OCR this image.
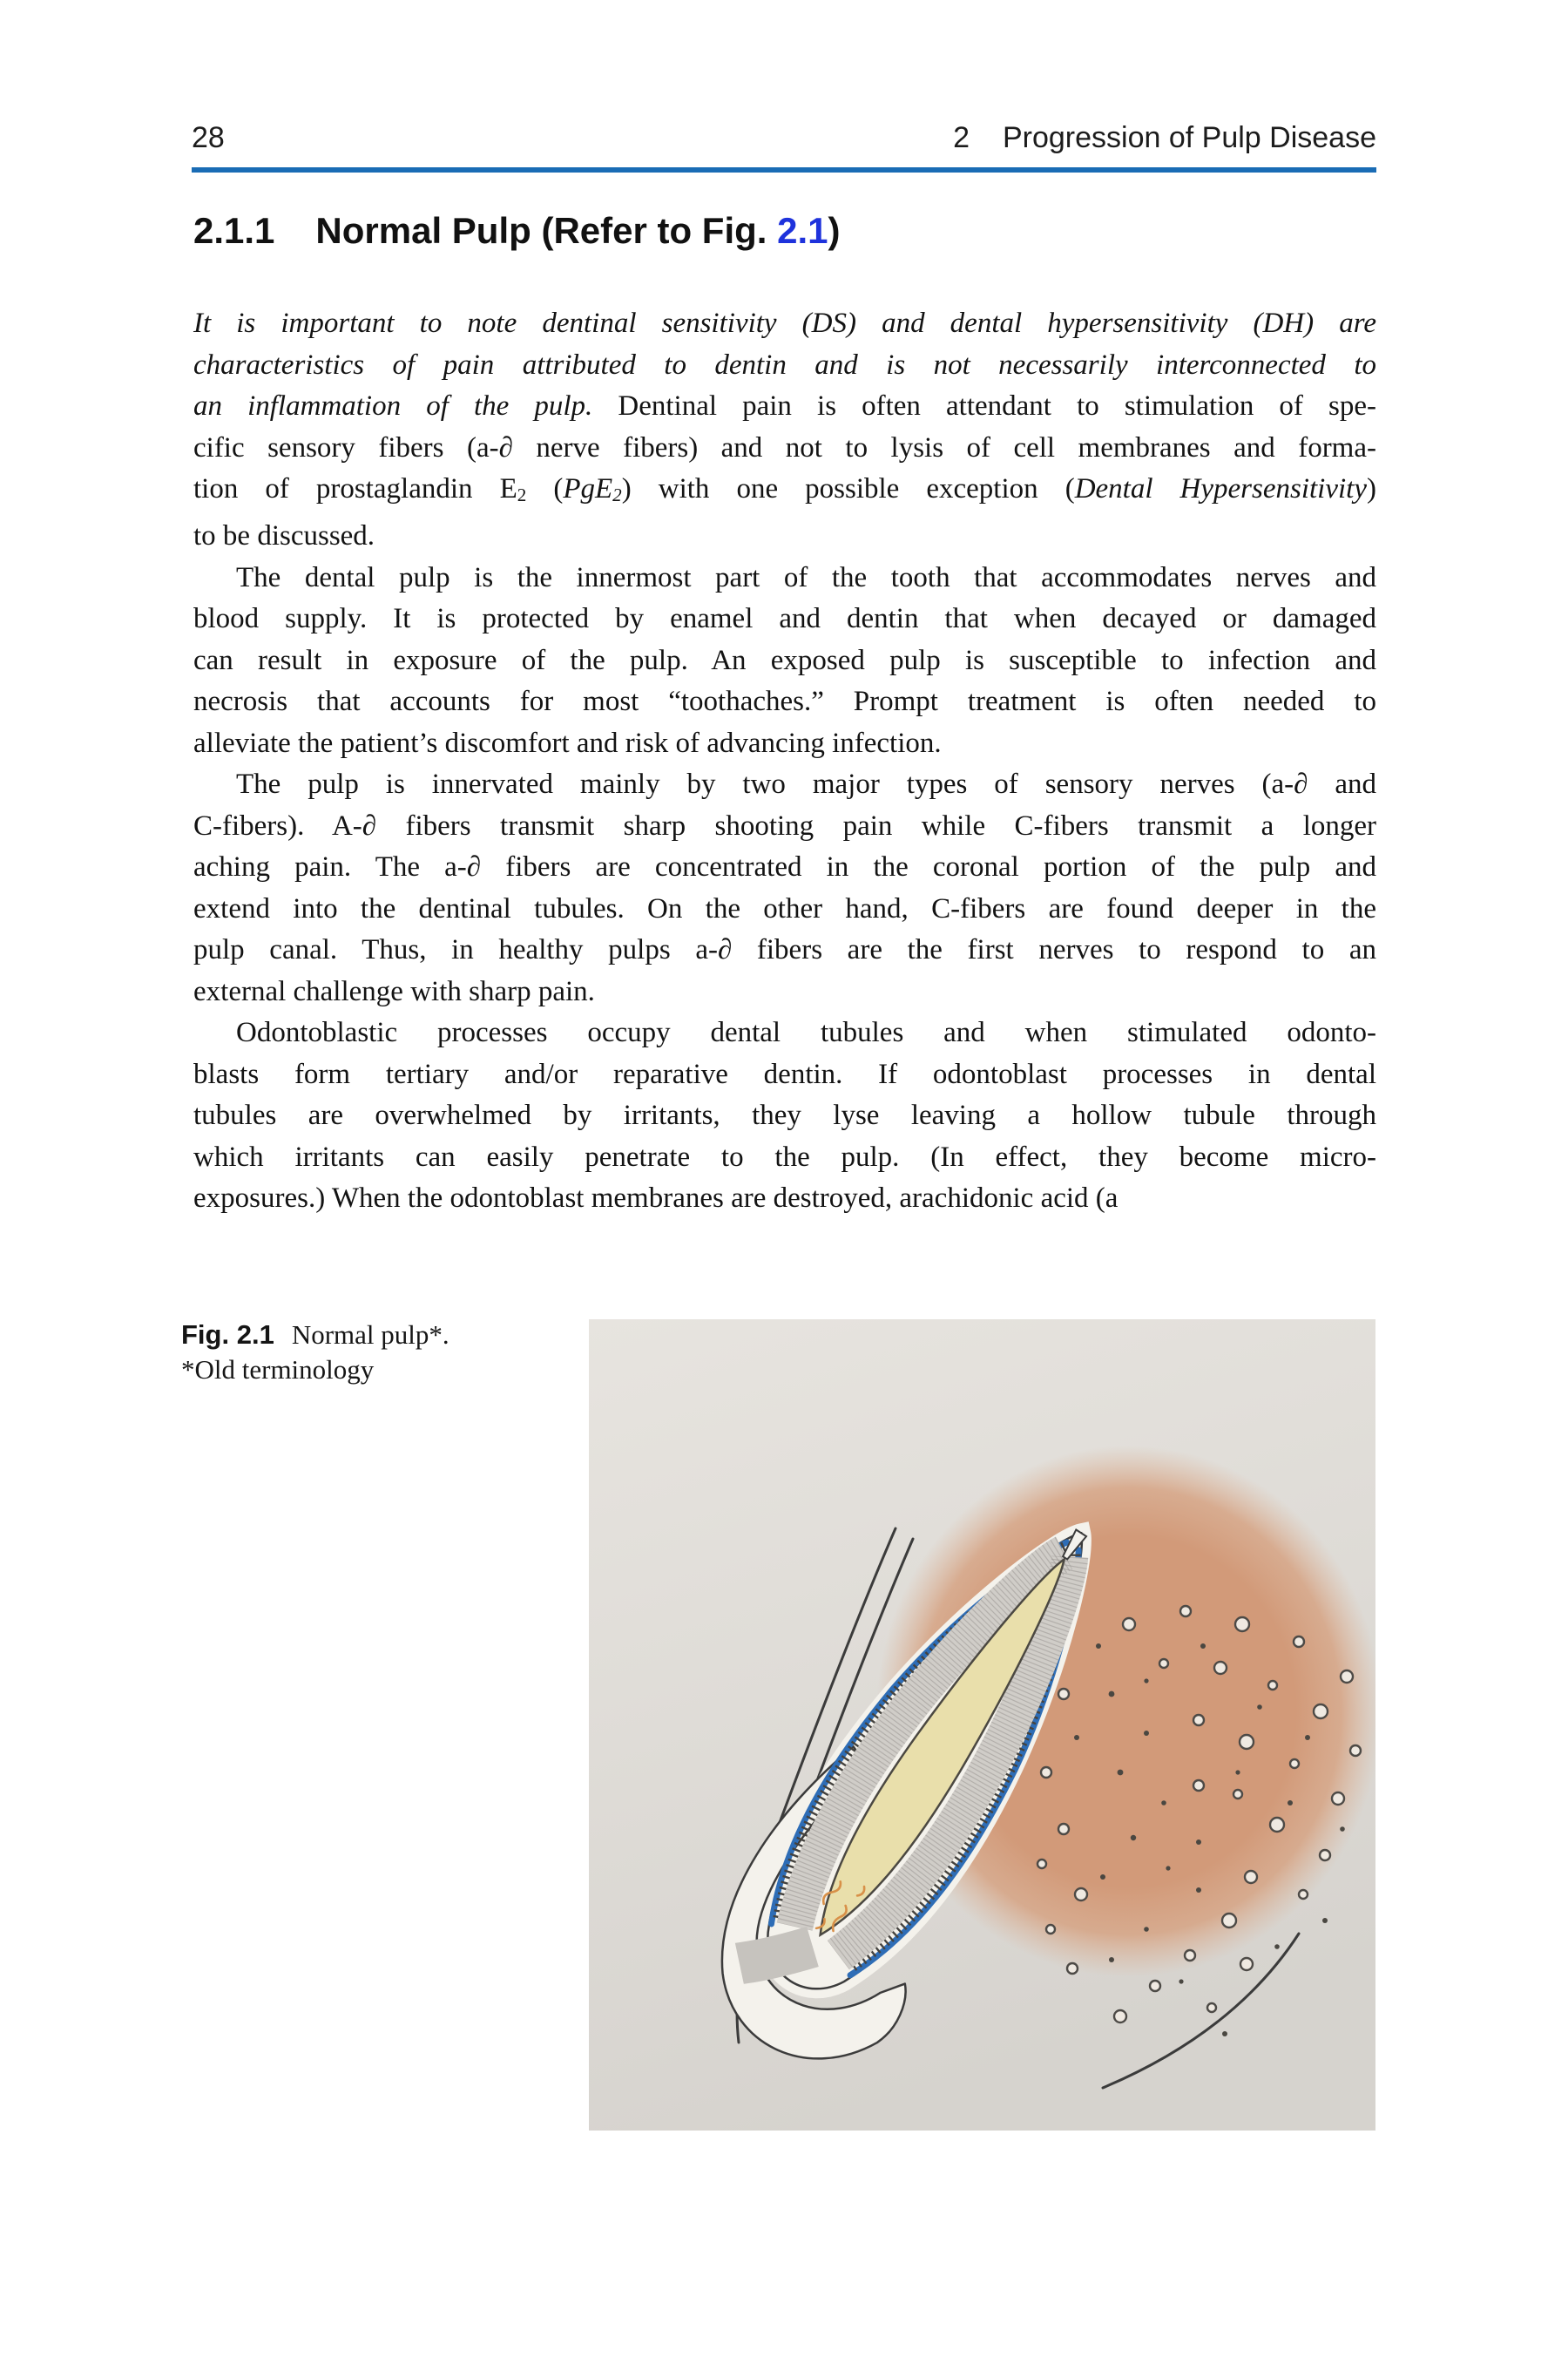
28	2 Progression of Pulp Disease
2.1.1 Normal Pulp (Refer to Fig. 2.1)
It is important to note dentinal sensitivity (DS) and dental hypersensitivity (DH) are
characteristics of pain attributed to dentin and is not necessarily interconnected to
an inflammation of the pulp. Dentinal pain is often attendant to stimulation of spe-
cific sensory fibers (a-∂ nerve fibers) and not to lysis of cell membranes and forma-
tion of prostaglandin E2 (PgE2) with one possible exception (Dental Hypersensitivity)
to be discussed.
The dental pulp is the innermost part of the tooth that accommodates nerves and
blood supply. It is protected by enamel and dentin that when decayed or damaged
can result in exposure of the pulp. An exposed pulp is susceptible to infection and
necrosis that accounts for most “toothaches.” Prompt treatment is often needed to
alleviate the patient’s discomfort and risk of advancing infection.
The pulp is innervated mainly by two major types of sensory nerves (a-∂ and
C-fibers). A-∂ fibers transmit sharp shooting pain while C-fibers transmit a longer
aching pain. The a-∂ fibers are concentrated in the coronal portion of the pulp and
extend into the dentinal tubules. On the other hand, C-fibers are found deeper in the
pulp canal. Thus, in healthy pulps a-∂ fibers are the first nerves to respond to an
external challenge with sharp pain.
Odontoblastic processes occupy dental tubules and when stimulated odonto-
blasts form tertiary and/or reparative dentin. If odontoblast processes in dental
tubules are overwhelmed by irritants, they lyse leaving a hollow tubule through
which irritants can easily penetrate to the pulp. (In effect, they become micro-
exposures.) When the odontoblast membranes are destroyed, arachidonic acid (a
Fig. 2.1 Normal pulp*.
*Old terminology
